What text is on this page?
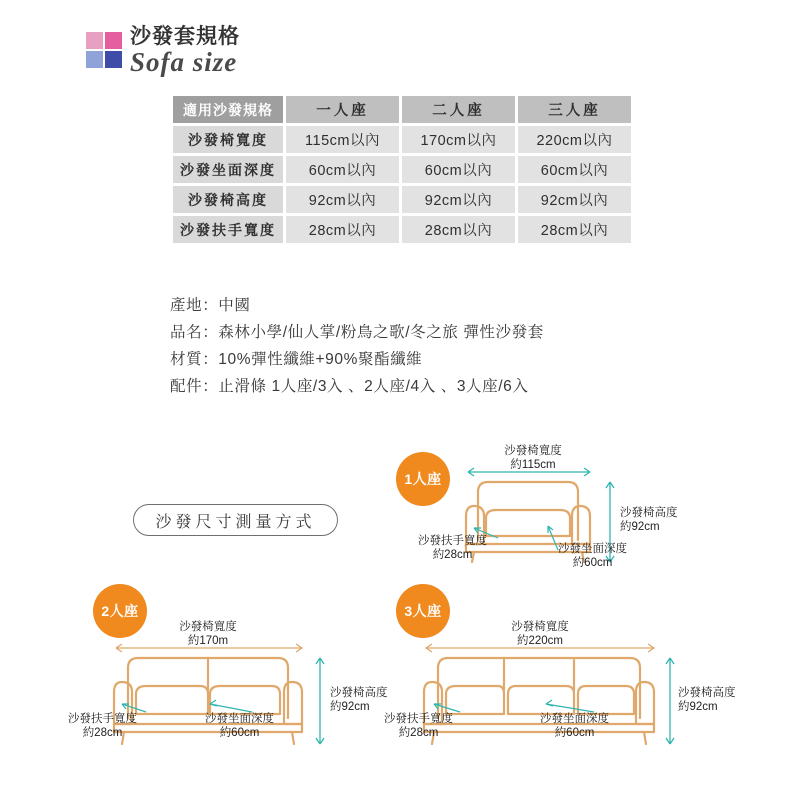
沙發套規格
Sofa size
適用沙發規格	一人座	二人座	三人座
沙發椅寬度	115cm以內	170cm以內	220cm以內
沙發坐面深度	60cm以內	60cm以內	60cm以內
沙發椅高度	92cm以內	92cm以內	92cm以內
沙發扶手寬度	28cm以內	28cm以內	28cm以內
產地：中國
品名：森林小學/仙人掌/粉鳥之歌/冬之旅 彈性沙發套
材質：10%彈性纖維+90%聚酯纖維
配件：止滑條 1人座/3入 、2人座/4入 、3人座/6入
沙發尺寸測量方式
1人座
2人座	3人座
沙發椅寬度
約115cm
沙發椅高度
約92cm
沙發坐面深度
約60cm
沙發扶手寬度
約28cm
沙發椅寬度
約170m
沙發椅高度
約92cm
沙發坐面深度
約60cm
沙發扶手寬度
約28cm
沙發椅寬度
約220cm
沙發椅高度
約92cm
沙發坐面深度
約60cm
沙發扶手寬度
約28cm
